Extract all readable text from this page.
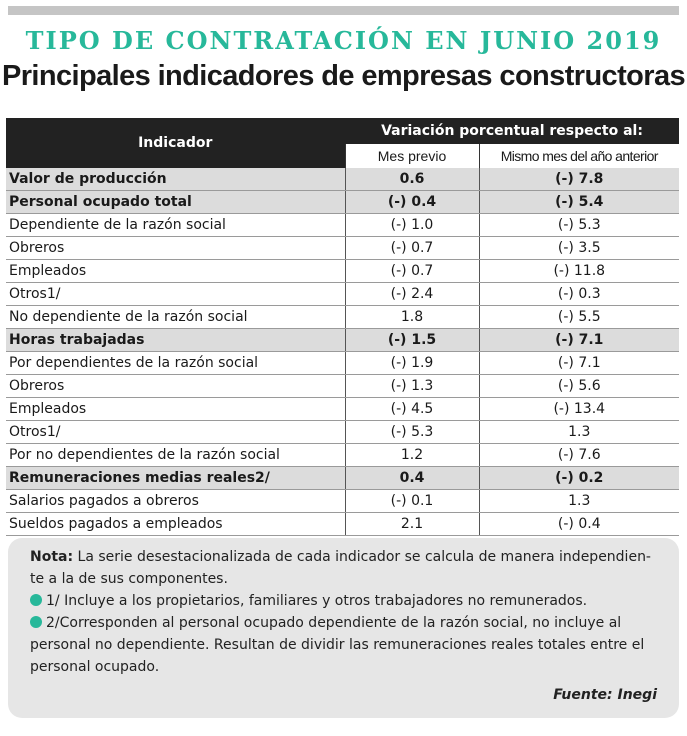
TIPO DE CONTRATACIÓN EN JUNIO 2019
Principales indicadores de empresas constructoras
Indicador	Variación porcentual respecto al:	
	Mes previo	Mismo mes del año anterior
Valor de producción	0.6	(-) 7.8
Personal ocupado total	(-) 0.4	(-) 5.4
Dependiente de la razón social	(-) 1.0	(-) 5.3
Obreros	(-) 0.7	(-) 3.5
Empleados	(-) 0.7	(-) 11.8
Otros1/	(-) 2.4	(-) 0.3
No dependiente de la razón social	1.8	(-) 5.5
Horas trabajadas	(-) 1.5	(-) 7.1
Por dependientes de la razón social	(-) 1.9	(-) 7.1
Obreros	(-) 1.3	(-) 5.6
Empleados	(-) 4.5	(-) 13.4
Otros1/	(-) 5.3	1.3
Por no dependientes de la razón social	1.2	(-) 7.6
Remuneraciones medias reales2/	0.4	(-) 0.2
Salarios pagados a obreros	(-) 0.1	1.3
Sueldos pagados a empleados	2.1	(-) 0.4

Nota: La serie desestacionalizada de cada indicador se calcula de manera independien-te a la de sus componentes.

1/ Incluye a los propietarios, familiares y otros trabajadores no remunerados.

2/Corresponden al personal ocupado dependiente de la razón social, no incluye al personal no dependiente. Resultan de dividir las remuneraciones reales totales entre el personal ocupado.

Fuente: Inegi
